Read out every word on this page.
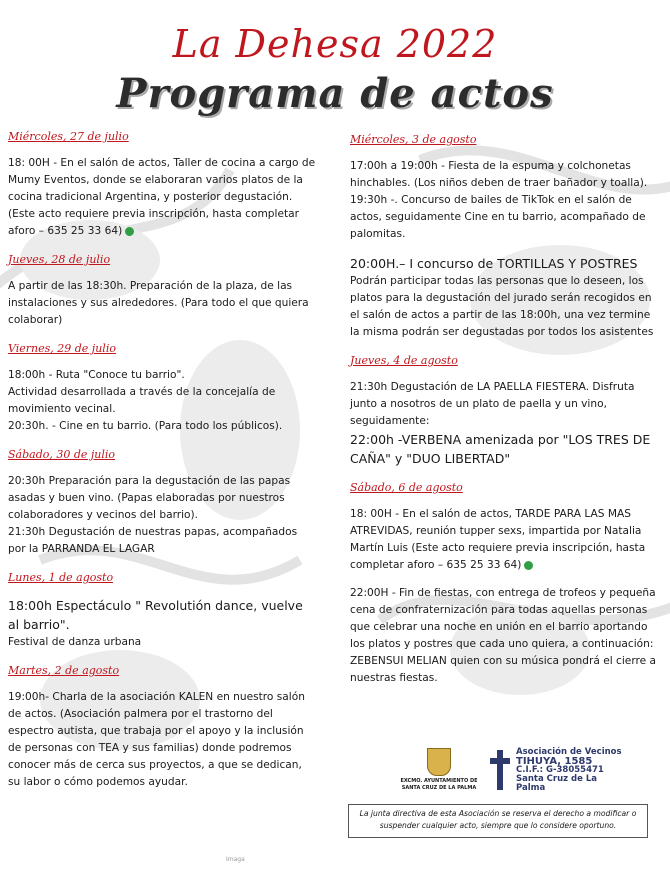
La Dehesa 2022
Programa de actos
Miércoles, 27 de julio
18: 00H - En el salón de actos, Taller de cocina a cargo de Mumy Eventos, donde se elaboraran varios platos de la cocina tradicional Argentina, y posterior degustación.(Este acto requiere previa inscripción, hasta completar aforo – 635 25 33 64)
Jueves, 28 de julio
A partir de las 18:30h. Preparación de la plaza, de las instalaciones y sus alrededores. (Para todo el que quiera colaborar)
Viernes, 29 de julio
18:00h - Ruta "Conoce tu barrio".
Actividad desarrollada a través de la concejalía de movimiento vecinal.
20:30h. - Cine en tu barrio. (Para todo los públicos).
Sábado, 30 de julio
20:30h Preparación para la degustación de las papas asadas y buen vino. (Papas elaboradas por nuestros colaboradores y vecinos del barrio).
21:30h Degustación de nuestras papas, acompañados por la PARRANDA EL LAGAR
Lunes, 1 de agosto
18:00h Espectáculo " Revolutión dance, vuelve al barrio".
Festival de danza urbana
Martes, 2 de agosto
19:00h- Charla de la asociación KALEN en nuestro salón de actos. (Asociación palmera por el trastorno del espectro autista, que trabaja por el apoyo y la inclusión de personas con TEA y sus familias) donde podremos conocer más de cerca sus proyectos, a que se dedican, su labor o cómo podemos ayudar.
Miércoles, 3 de agosto
17:00h a 19:00h - Fiesta de la espuma y colchonetas hinchables. (Los niños deben de traer bañador y toalla).
19:30h -. Concurso de bailes de TikTok en el salón de actos, seguidamente Cine en tu barrio, acompañado de palomitas.
20:00H.– I concurso de TORTILLAS Y POSTRES
Podrán participar todas las personas que lo deseen, los platos para la degustación del jurado serán recogidos en el salón de actos a partir de las 18:00h, una vez termine la misma podrán ser degustadas por todos los asistentes
Jueves, 4 de agosto
21:30h Degustación de LA PAELLA FIESTERA. Disfruta junto a nosotros de un plato de paella y un vino, seguidamente:
22:00h -VERBENA amenizada por "LOS TRES DE CAÑA" y "DUO LIBERTAD"
Sábado, 6 de agosto
18: 00H - En el salón de actos, TARDE PARA LAS MAS ATREVIDAS, reunión tupper sexs, impartida por Natalia Martín Luis (Este acto requiere previa inscripción, hasta completar aforo – 635 25 33 64)
22:00H - Fin de fiestas, con entrega de trofeos y pequeña cena de confraternización para todas aquellas personas que celebrar una noche en unión en el barrio aportando los platos y postres que cada uno quiera, a continuación: ZEBENSUI MELIAN quien con su música pondrá el cierre a nuestras fiestas.
EXCMO. AYUNTAMIENTO DE SANTA CRUZ DE LA PALMA
Asociación de Vecinos
TIHUYA, 1585
C.I.F.: G-38055471
Santa Cruz de La Palma
La junta directiva de esta Asociación se reserva el derecho a modificar o suspender cualquier acto, siempre que lo considere oportuno.
Imaga
